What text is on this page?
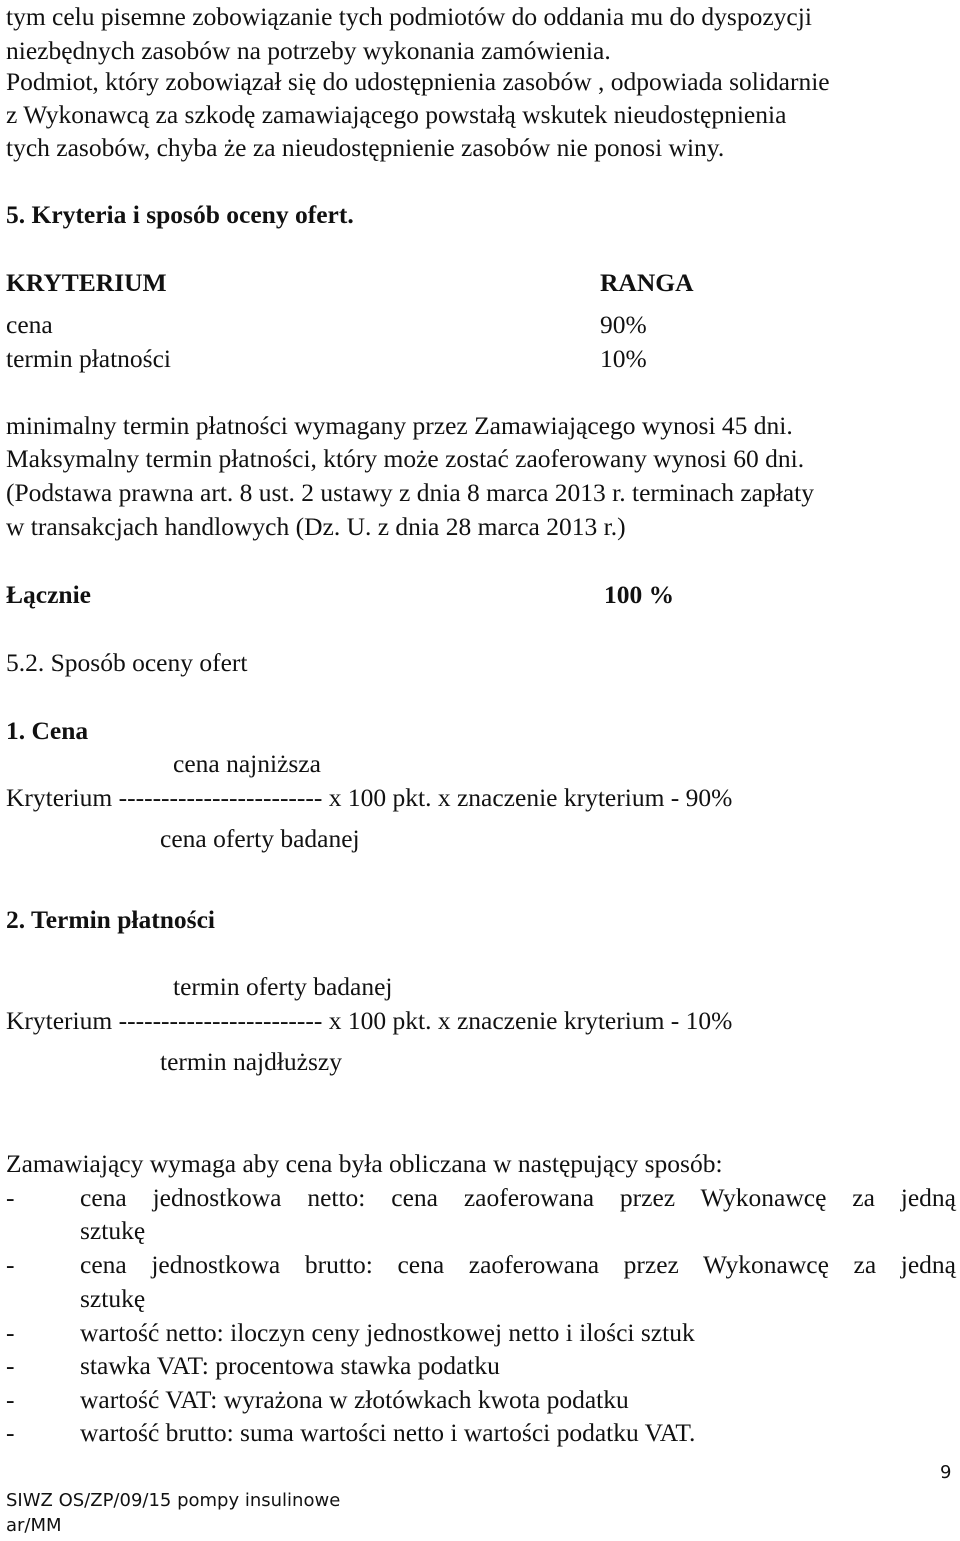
tym celu pisemne zobowiązanie tych podmiotów do oddania mu do dyspozycji
niezbędnych zasobów na potrzeby wykonania zamówienia.
Podmiot, który zobowiązał się do udostępnienia zasobów , odpowiada solidarnie
z Wykonawcą za szkodę zamawiającego powstałą wskutek nieudostępnienia
tych zasobów, chyba że za nieudostępnienie zasobów nie ponosi winy.
5. Kryteria i sposób oceny ofert.
KRYTERIUM	RANGA
cena	90%
termin płatności	10%
minimalny termin płatności wymagany przez Zamawiającego wynosi 45 dni.
Maksymalny termin płatności, który może zostać zaoferowany wynosi 60 dni.
(Podstawa prawna art. 8 ust. 2 ustawy z dnia 8 marca 2013 r. terminach zapłaty
w transakcjach handlowych (Dz. U. z dnia 28 marca 2013 r.)
Łącznie	100 %
5.2. Sposób oceny ofert
1. Cena
cena najniższa
Kryterium ------------------------ x 100 pkt. x znaczenie kryterium - 90%
cena oferty badanej
2. Termin płatności
termin oferty badanej
Kryterium ------------------------ x 100 pkt. x znaczenie kryterium - 10%
termin najdłuższy
Zamawiający wymaga aby cena była obliczana w następujący sposób:
-	cena jednostkowa netto: cena zaoferowana przez Wykonawcę za jedną
sztukę
-	cena jednostkowa brutto: cena zaoferowana przez Wykonawcę za jedną
sztukę
-	wartość netto: iloczyn ceny jednostkowej netto i ilości sztuk
-	stawka VAT: procentowa stawka podatku
-	wartość VAT: wyrażona w złotówkach kwota podatku
-	wartość brutto: suma wartości netto i wartości podatku VAT.
SIWZ OS/ZP/09/15 pompy insulinowe
ar/MM
9
